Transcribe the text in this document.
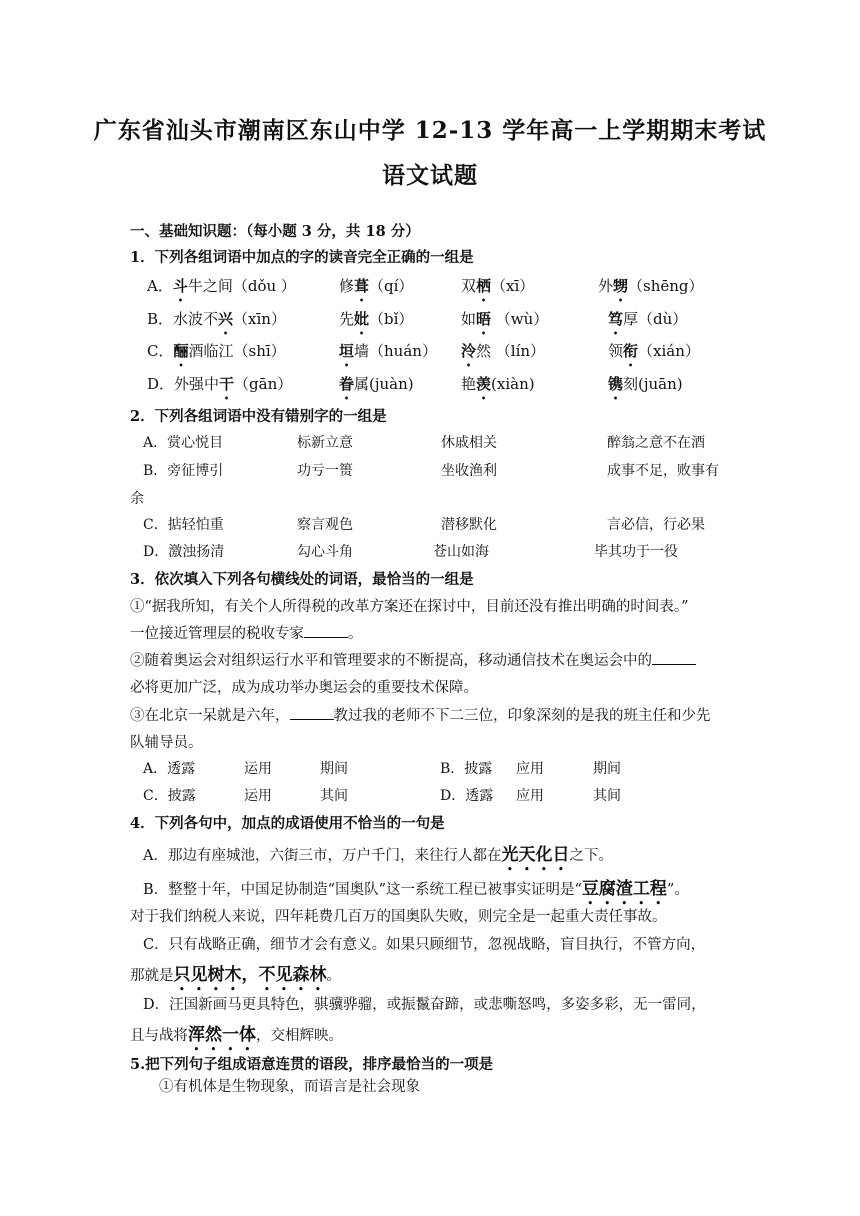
广东省汕头市潮南区东山中学 12-13 学年高一上学期期末考试
语文试题
一、基础知识题：（每小题 3 分，共 18 分）
1．下列各组词语中加点的字的读音完全正确的一组是
A．斗牛之间（dǒu ）	修葺（qí）	双栖（xī）	外甥（shēng）
B．水波不兴（xīn）	先妣（bǐ）	如晤 （wù）	笃厚（dù）
C．酾酒临江（shī）	垣墙（huán） 泠然 （lín）	领衔（xián）
D．外强中干（gān）	眷属(juàn)	艳羡(xiàn)	镌刻(juān)
2．下列各组词语中没有错别字的一组是
A．赏心悦目	标新立意	休戚相关	醉翁之意不在酒
B．旁征博引	功亏一篑	坐收渔利	成事不足，败事有
余
C．掂轻怕重	察言观色	潜移默化	言必信，行必果
D．激浊扬清	勾心斗角	苍山如海	毕其功于一役
3．依次填入下列各句横线处的词语，最恰当的一组是
①“据我所知，有关个人所得税的改革方案还在探讨中，目前还没有推出明确的时间表。”
一位接近管理层的税收专家	。
②随着奥运会对组织运行水平和管理要求的不断提高，移动通信技术在奥运会中的
必将更加广泛，成为成功举办奥运会的重要技术保障。
③在北京一呆就是六年，	教过我的老师不下二三位，印象深刻的是我的班主任和少先
队辅导员。
A．透露	运用	期间	B．披露 应用	期间
C．披露	运用	其间	D．透露 应用	其间
4．下列各句中，加点的成语使用不恰当的一句是
A．那边有座城池，六街三市，万户千门，来往行人都在光天化日之下。
B．整整十年，中国足协制造“国奥队”这一系统工程已被事实证明是“豆腐渣工程”。
对于我们纳税人来说，四年耗费几百万的国奥队失败，则完全是一起重大责任事故。
C．只有战略正确，细节才会有意义。如果只顾细节，忽视战略，盲目执行，不管方向，
那就是只见树木，不见森林。
D．汪国新画马更具特色，骐骥骅骝，或振鬣奋蹄，或悲嘶怒鸣，多姿多彩，无一雷同，
且与战将浑然一体，交相辉映。
5.把下列句子组成语意连贯的语段，排序最恰当的一项是
①有机体是生物现象，而语言是社会现象
